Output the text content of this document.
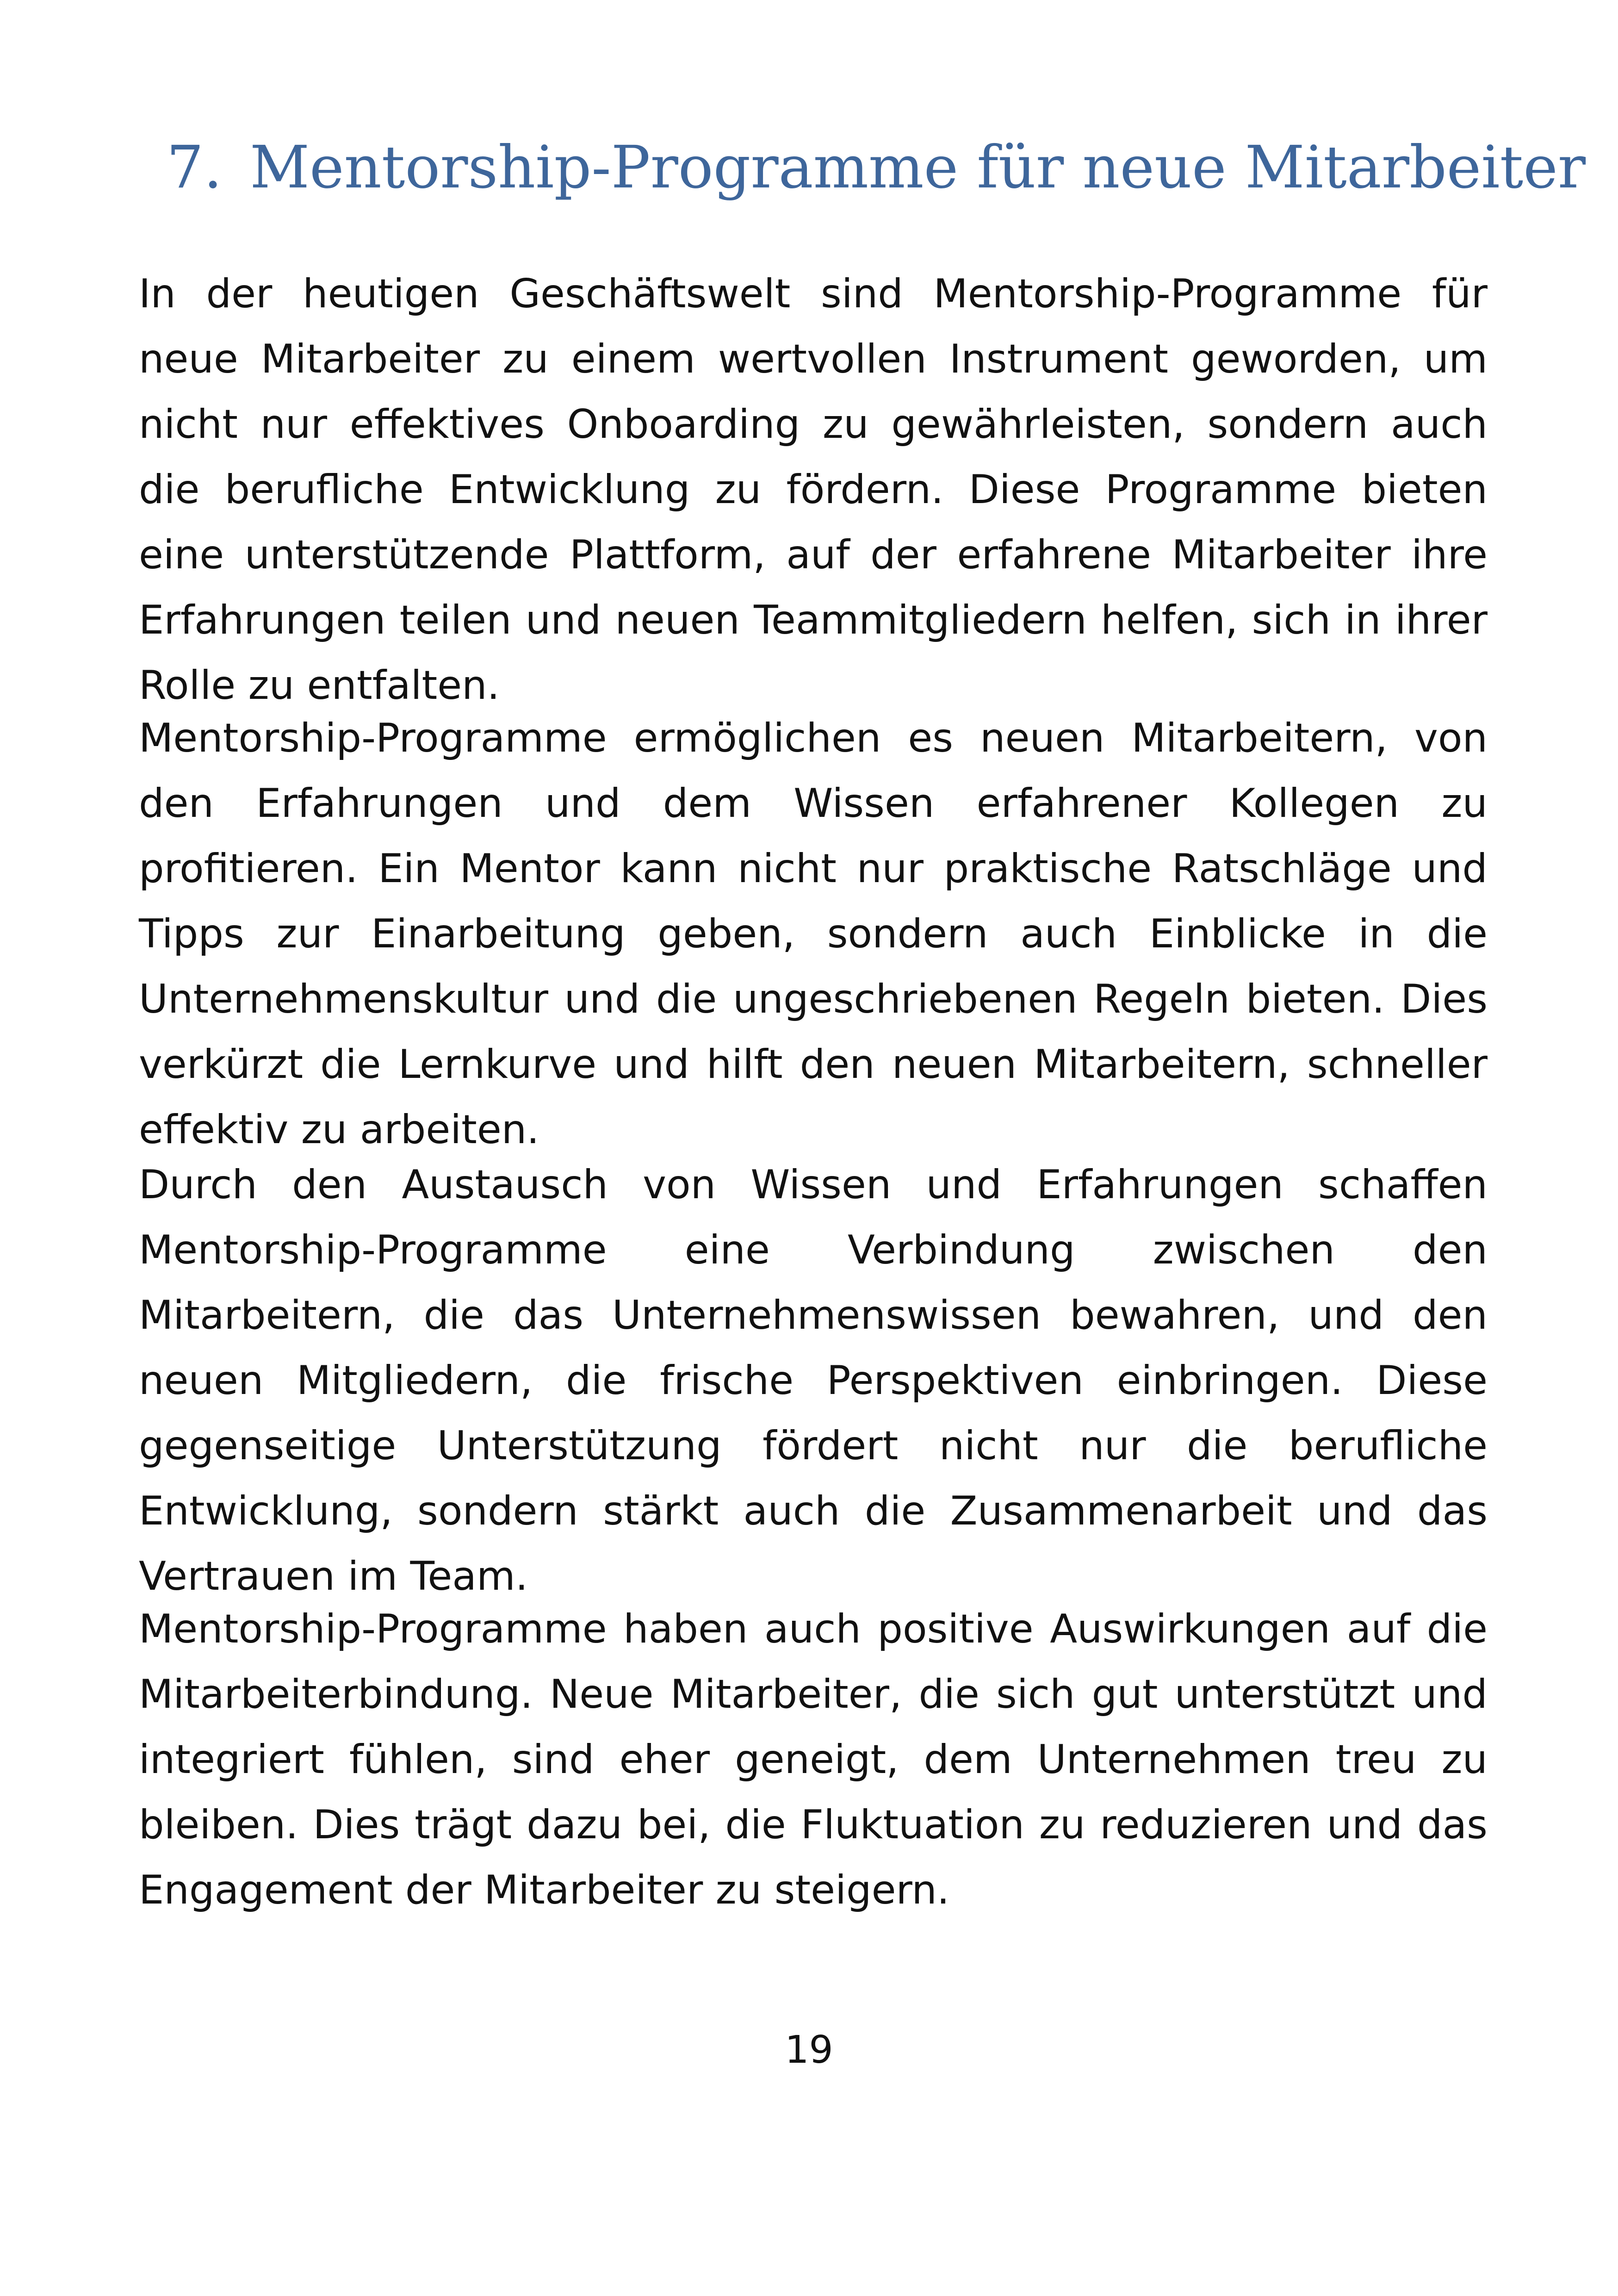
7. Mentorship-Programme für neue Mitarbeiter

In der heutigen Geschäftswelt sind Mentorship-Programme für neue Mitarbeiter zu einem wertvollen Instrument geworden, um nicht nur effektives Onboarding zu gewährleisten, sondern auch die berufliche Entwicklung zu fördern. Diese Programme bieten eine unterstützende Plattform, auf der erfahrene Mitarbeiter ihre Erfahrungen teilen und neuen Teammitgliedern helfen, sich in ihrer Rolle zu entfalten.

Mentorship-Programme ermöglichen es neuen Mitarbeitern, von den Erfahrungen und dem Wissen erfahrener Kollegen zu profitieren. Ein Mentor kann nicht nur praktische Ratschläge und Tipps zur Einarbeitung geben, sondern auch Einblicke in die Unternehmenskultur und die ungeschriebenen Regeln bieten. Dies verkürzt die Lernkurve und hilft den neuen Mitarbeitern, schneller effektiv zu arbeiten.

Durch den Austausch von Wissen und Erfahrungen schaffen Mentorship-Programme eine Verbindung zwischen den Mitarbeitern, die das Unternehmenswissen bewahren, und den neuen Mitgliedern, die frische Perspektiven einbringen. Diese gegenseitige Unterstützung fördert nicht nur die berufliche Entwicklung, sondern stärkt auch die Zusammenarbeit und das Vertrauen im Team.

Mentorship-Programme haben auch positive Auswirkungen auf die Mitarbeiterbindung. Neue Mitarbeiter, die sich gut unterstützt und integriert fühlen, sind eher geneigt, dem Unternehmen treu zu bleiben. Dies trägt dazu bei, die Fluktuation zu reduzieren und das Engagement der Mitarbeiter zu steigern.

19
